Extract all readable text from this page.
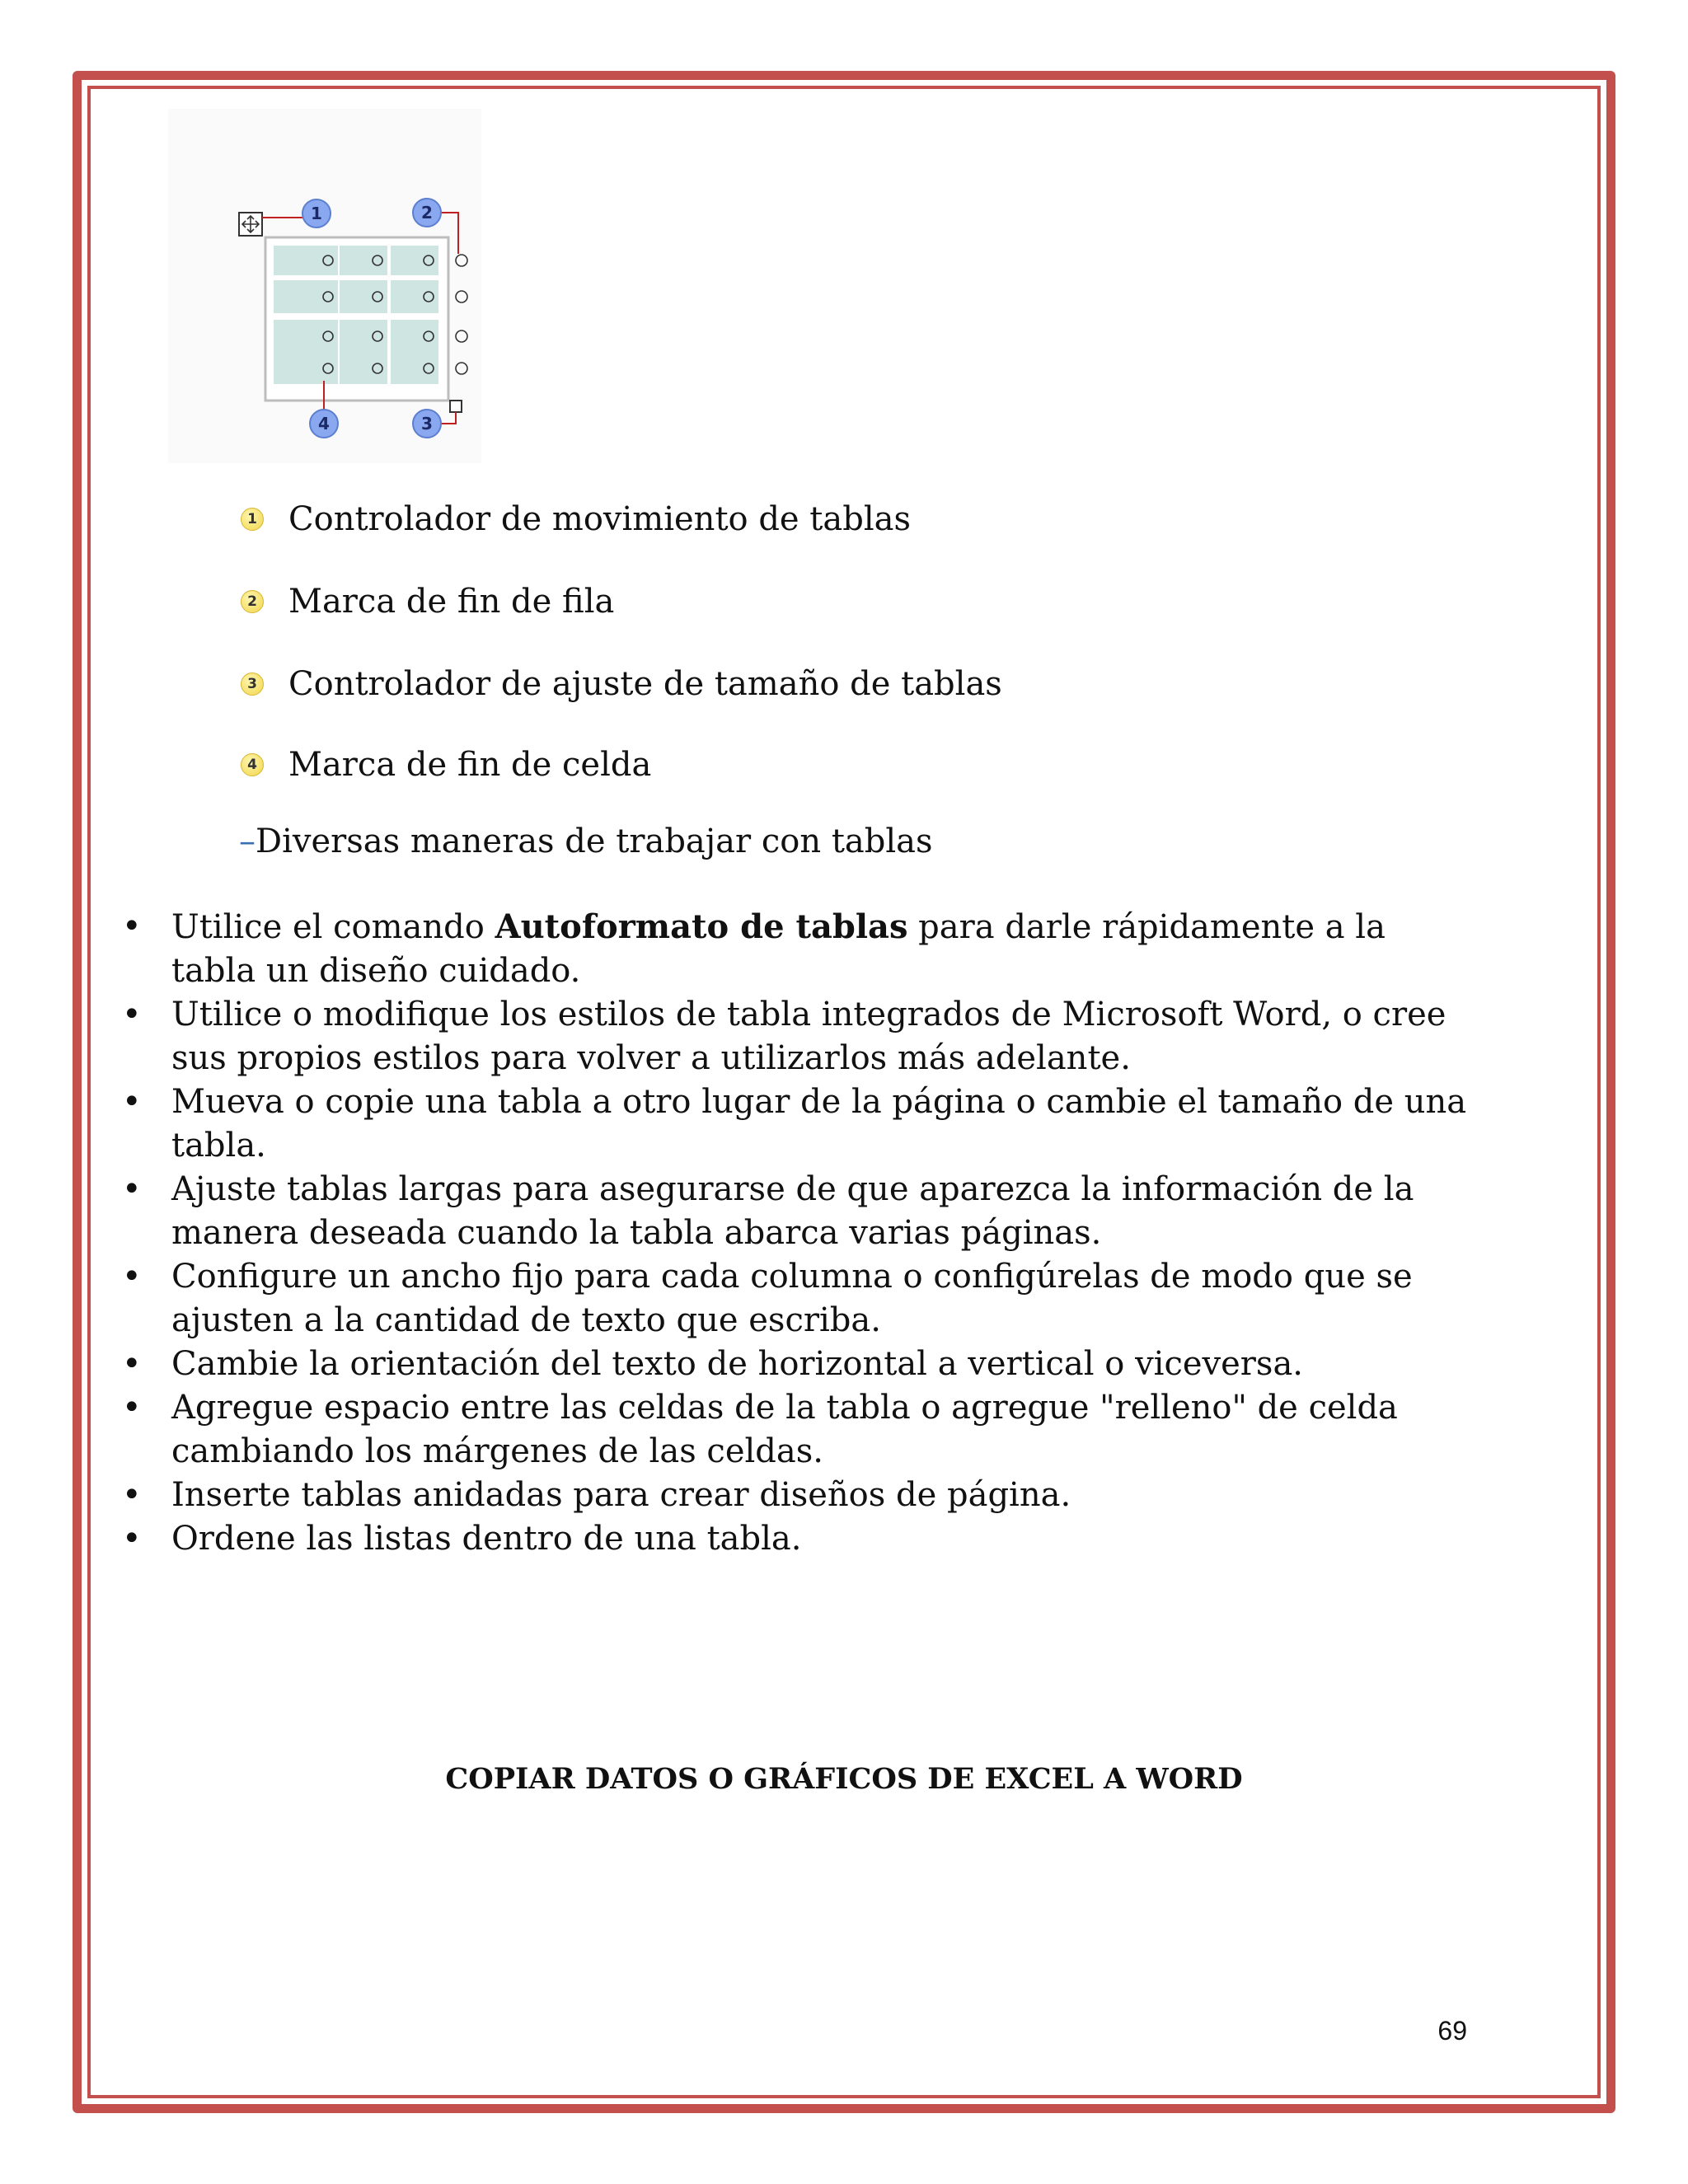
1	2
3
4
1 Controlador de movimiento de tablas
2 Marca de fin de fila
3 Controlador de ajuste de tamaño de tablas
4 Marca de fin de celda
–Diversas maneras de trabajar con tablas
• Utilice el comando Autoformato de tablas para darle rápidamente a la tabla un diseño cuidado.
• Utilice o modifique los estilos de tabla integrados de Microsoft Word, o cree sus propios estilos para volver a utilizarlos más adelante.
• Mueva o copie una tabla a otro lugar de la página o cambie el tamaño de una tabla.
• Ajuste tablas largas para asegurarse de que aparezca la información de la manera deseada cuando la tabla abarca varias páginas.
• Configure un ancho fijo para cada columna o configúrelas de modo que se ajusten a la cantidad de texto que escriba.
• Cambie la orientación del texto de horizontal a vertical o viceversa.
• Agregue espacio entre las celdas de la tabla o agregue "relleno" de celda cambiando los márgenes de las celdas.
• Inserte tablas anidadas para crear diseños de página.
• Ordene las listas dentro de una tabla.
COPIAR DATOS O GRÁFICOS DE EXCEL A WORD
69
